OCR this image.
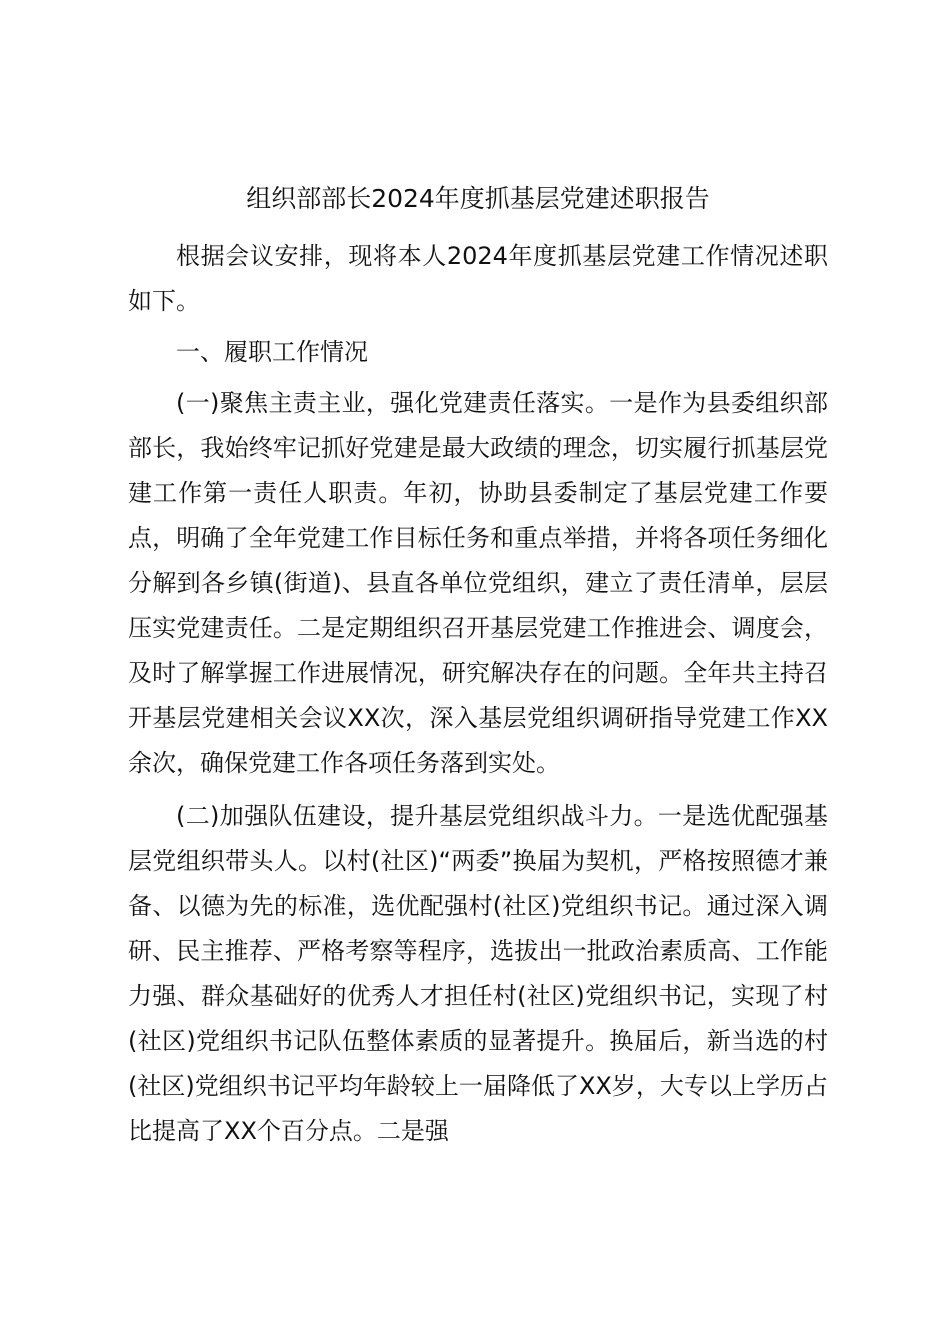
组织部部长2024年度抓基层党建述职报告

根据会议安排，现将本人2024年度抓基层党建工作情况述职如下。

一、履职工作情况

(一)聚焦主责主业，强化党建责任落实。一是作为县委组织部部长，我始终牢记抓好党建是最大政绩的理念，切实履行抓基层党建工作第一责任人职责。年初，协助县委制定了基层党建工作要点，明确了全年党建工作目标任务和重点举措，并将各项任务细化分解到各乡镇(街道)、县直各单位党组织，建立了责任清单，层层压实党建责任。二是定期组织召开基层党建工作推进会、调度会，及时了解掌握工作进展情况，研究解决存在的问题。全年共主持召开基层党建相关会议XX次，深入基层党组织调研指导党建工作XX余次，确保党建工作各项任务落到实处。

(二)加强队伍建设，提升基层党组织战斗力。一是选优配强基层党组织带头人。以村(社区)“两委”换届为契机，严格按照德才兼备、以德为先的标准，选优配强村(社区)党组织书记。通过深入调研、民主推荐、严格考察等程序，选拔出一批政治素质高、工作能力强、群众基础好的优秀人才担任村(社区)党组织书记，实现了村(社区)党组织书记队伍整体素质的显著提升。换届后，新当选的村(社区)党组织书记平均年龄较上一届降低了XX岁，大专以上学历占比提高了XX个百分点。二是强
